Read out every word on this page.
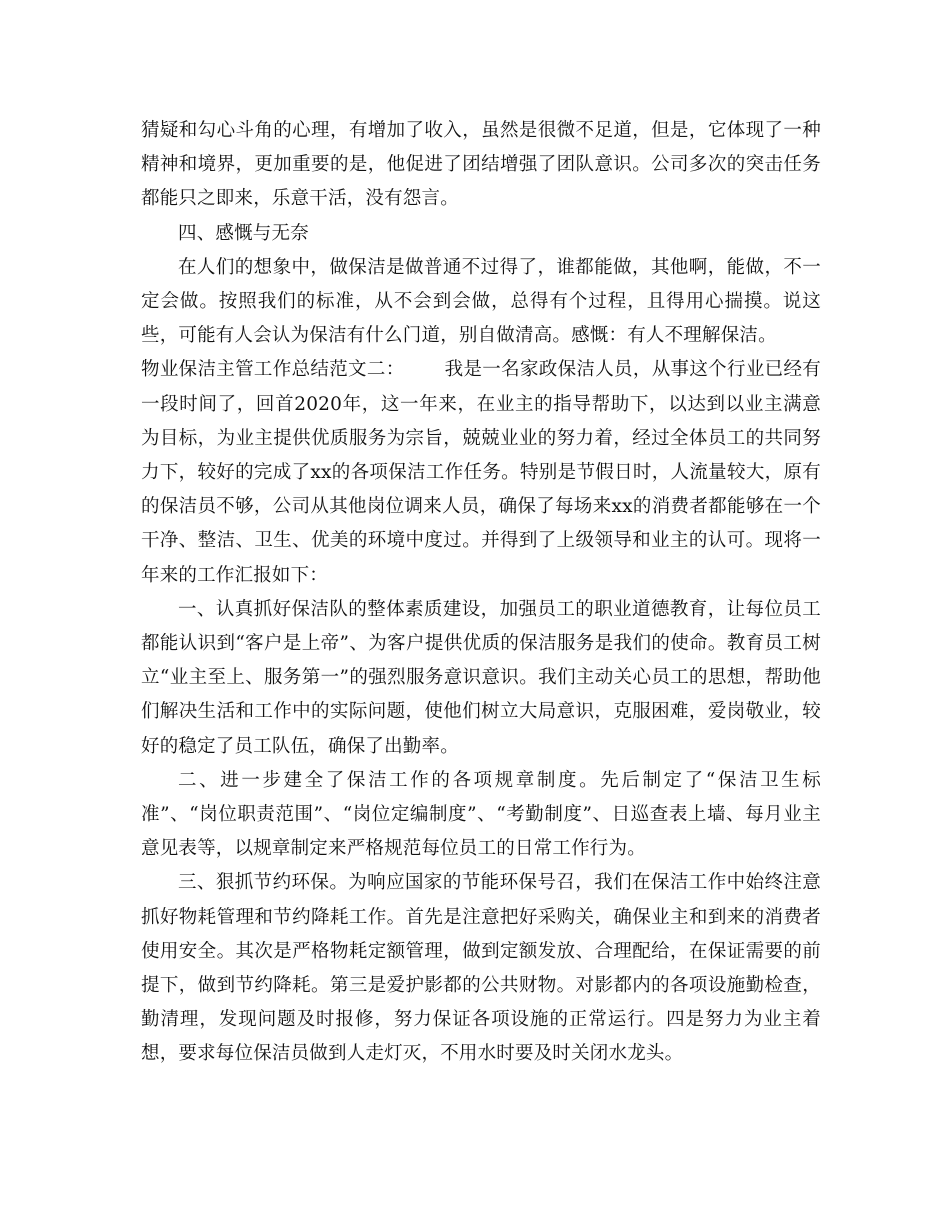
猜疑和勾心斗角的心理，有增加了收入，虽然是很微不足道，但是，它体现了一种精神和境界，更加重要的是，他促进了团结增强了团队意识。公司多次的突击任务都能只之即来，乐意干活，没有怨言。

四、感慨与无奈

在人们的想象中，做保洁是做普通不过得了，谁都能做，其他啊，能做，不一定会做。按照我们的标准，从不会到会做，总得有个过程，且得用心揣摸。说这些，可能有人会认为保洁有什么门道，别自做清高。感慨：有人不理解保洁。

物业保洁主管工作总结范文二： 我是一名家政保洁人员，从事这个行业已经有一段时间了，回首2020年，这一年来，在业主的指导帮助下，以达到以业主满意为目标，为业主提供优质服务为宗旨，兢兢业业的努力着，经过全体员工的共同努力下，较好的完成了xx的各项保洁工作任务。特别是节假日时，人流量较大，原有的保洁员不够，公司从其他岗位调来人员，确保了每场来xx的消费者都能够在一个干净、整洁、卫生、优美的环境中度过。并得到了上级领导和业主的认可。现将一年来的工作汇报如下：

一、认真抓好保洁队的整体素质建设，加强员工的职业道德教育，让每位员工都能认识到“客户是上帝”、为客户提供优质的保洁服务是我们的使命。教育员工树立“业主至上、服务第一”的强烈服务意识意识。我们主动关心员工的思想，帮助他们解决生活和工作中的实际问题，使他们树立大局意识，克服困难，爱岗敬业，较好的稳定了员工队伍，确保了出勤率。

二、进一步建全了保洁工作的各项规章制度。先后制定了“保洁卫生标准”、“岗位职责范围”、“岗位定编制度”、“考勤制度”、日巡查表上墙、每月业主意见表等，以规章制定来严格规范每位员工的日常工作行为。

三、狠抓节约环保。为响应国家的节能环保号召，我们在保洁工作中始终注意抓好物耗管理和节约降耗工作。首先是注意把好采购关，确保业主和到来的消费者使用安全。其次是严格物耗定额管理，做到定额发放、合理配给，在保证需要的前提下，做到节约降耗。第三是爱护影都的公共财物。对影都内的各项设施勤检查，勤清理，发现问题及时报修，努力保证各项设施的正常运行。四是努力为业主着想，要求每位保洁员做到人走灯灭，不用水时要及时关闭水龙头。
